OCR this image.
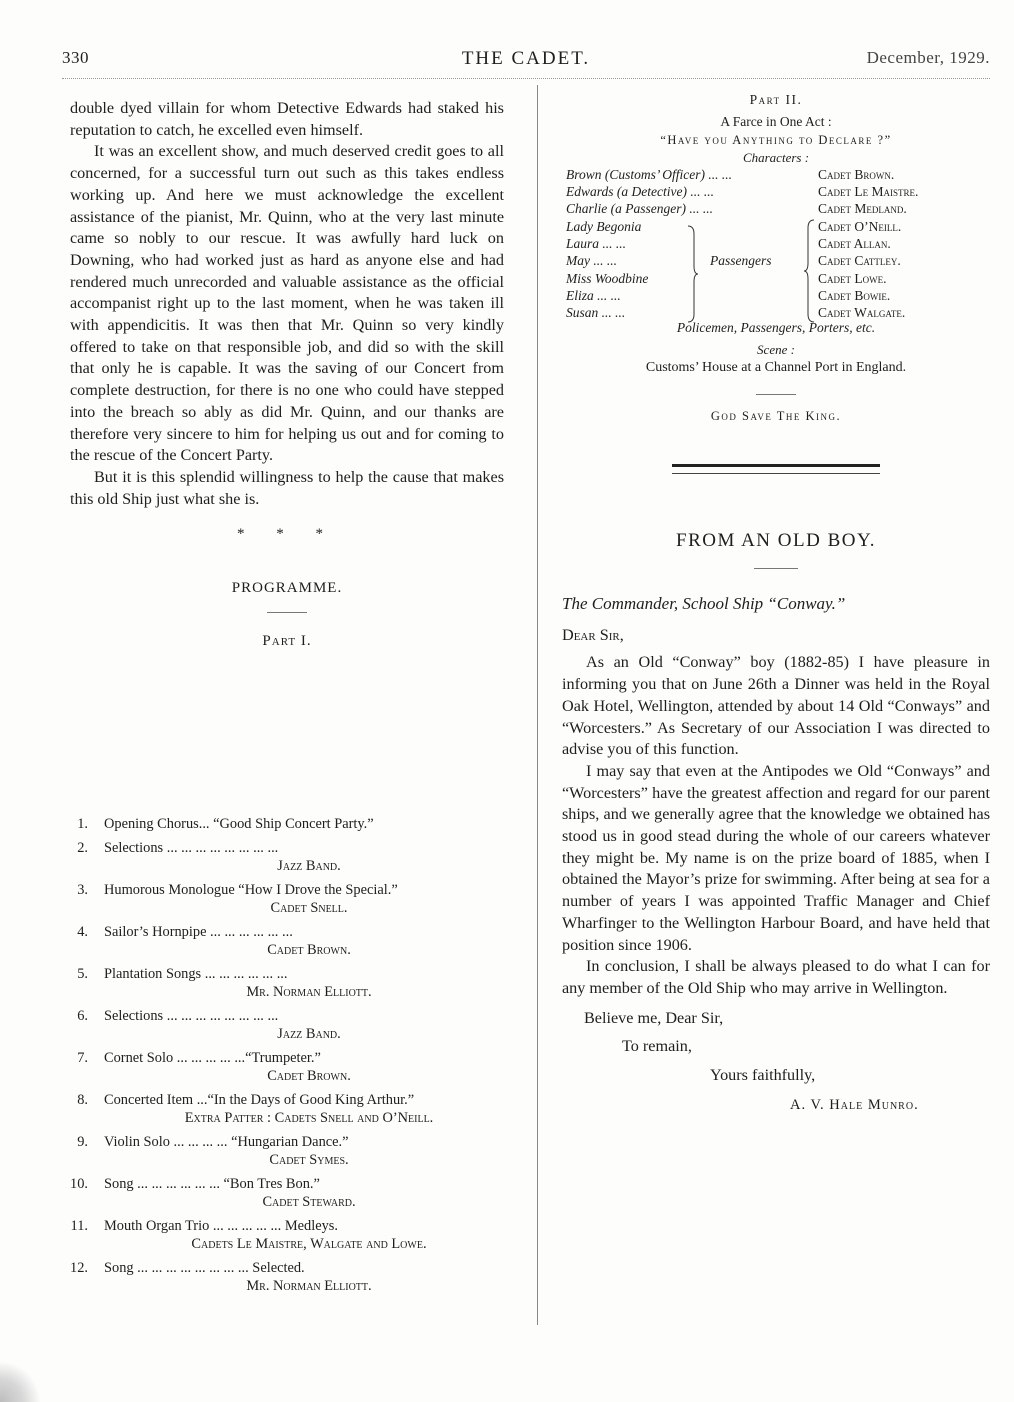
330	THE CADET.	December, 1929.

double dyed villain for whom Detective Edwards had staked his reputation to catch, he excelled even himself.

It was an excellent show, and much deserved credit goes to all concerned, for a successful turn out such as this takes endless working up. And here we must acknowledge the excellent assistance of the pianist, Mr. Quinn, who at the very last minute came so nobly to our rescue. It was awfully hard luck on Downing, who had worked just as hard as anyone else and had rendered much unrecorded and valuable assistance as the official accompanist right up to the last moment, when he was taken ill with appendicitis. It was then that Mr. Quinn so very kindly offered to take on that responsible job, and did so with the skill that only he is capable. It was the saving of our Concert from complete destruction, for there is no one who could have stepped into the breach so ably as did Mr. Quinn, and our thanks are therefore very sincere to him for helping us out and for coming to the rescue of the Concert Party.

But it is this splendid willingness to help the cause that makes this old Ship just what she is.

* * *
PROGRAMME.
Part I.
1. Opening Chorus... “Good Ship Concert Party.”
2. Selections ... ... ... ... ... ... ... ...
Jazz Band.
3. Humorous Monologue “How I Drove the Special.”
Cadet Snell.
4. Sailor’s Hornpipe ... ... ... ... ... ...
Cadet Brown.
5. Plantation Songs ... ... ... ... ... ...
Mr. Norman Elliott.
6. Selections ... ... ... ... ... ... ... ...
Jazz Band.
7. Cornet Solo ... ... ... ... ...“Trumpeter.”
Cadet Brown.
8. Concerted Item ...“In the Days of Good King Arthur.”
Extra Patter : Cadets Snell and O’Neill.
9. Violin Solo ... ... ... ... “Hungarian Dance.”
Cadet Symes.
10. Song ... ... ... ... ... ... “Bon Tres Bon.”
Cadet Steward.
11. Mouth Organ Trio ... ... ... ... ... Medleys.
Cadets Le Maistre, Walgate and Lowe.
12. Song ... ... ... ... ... ... ... ... Selected.
Mr. Norman Elliott.
Part II.
A Farce in One Act :
“Have you Anything to Declare ?”
Characters :
Brown (Customs’ Officer) ... ...	Cadet Brown.
Edwards (a Detective) ... ...	Cadet Le Maistre.
Charlie (a Passenger) ... ...	Cadet Medland.
Lady Begonia	Cadet O’Neill.
Laura ... ...	Cadet Allan.
May ... ...	Cadet Cattley.
Miss Woodbine	Cadet Lowe.
Eliza ... ...	Cadet Bowie.
Susan ... ...	Cadet Walgate.
Passengers
Policemen, Passengers, Porters, etc.
Scene :
Customs’ House at a Channel Port in England.
God Save The King.
FROM AN OLD BOY.
The Commander, School Ship “Conway.”
Dear Sir,

As an Old “Conway” boy (1882-85) I have pleasure in informing you that on June 26th a Dinner was held in the Royal Oak Hotel, Wellington, attended by about 14 Old “Conways” and “Worcesters.” As Secretary of our Association I was directed to advise you of this function.

I may say that even at the Antipodes we Old “Conways” and “Worcesters” have the greatest affection and regard for our parent ships, and we generally agree that the knowledge we obtained has stood us in good stead during the whole of our careers whatever they might be. My name is on the prize board of 1885, when I obtained the Mayor’s prize for swimming. After being at sea for a number of years I was appointed Traffic Manager and Chief Wharfinger to the Wellington Harbour Board, and have held that position since 1906.

In conclusion, I shall be always pleased to do what I can for any member of the Old Ship who may arrive in Wellington.

Believe me, Dear Sir,
To remain,
Yours faithfully,
A. V. Hale Munro.
